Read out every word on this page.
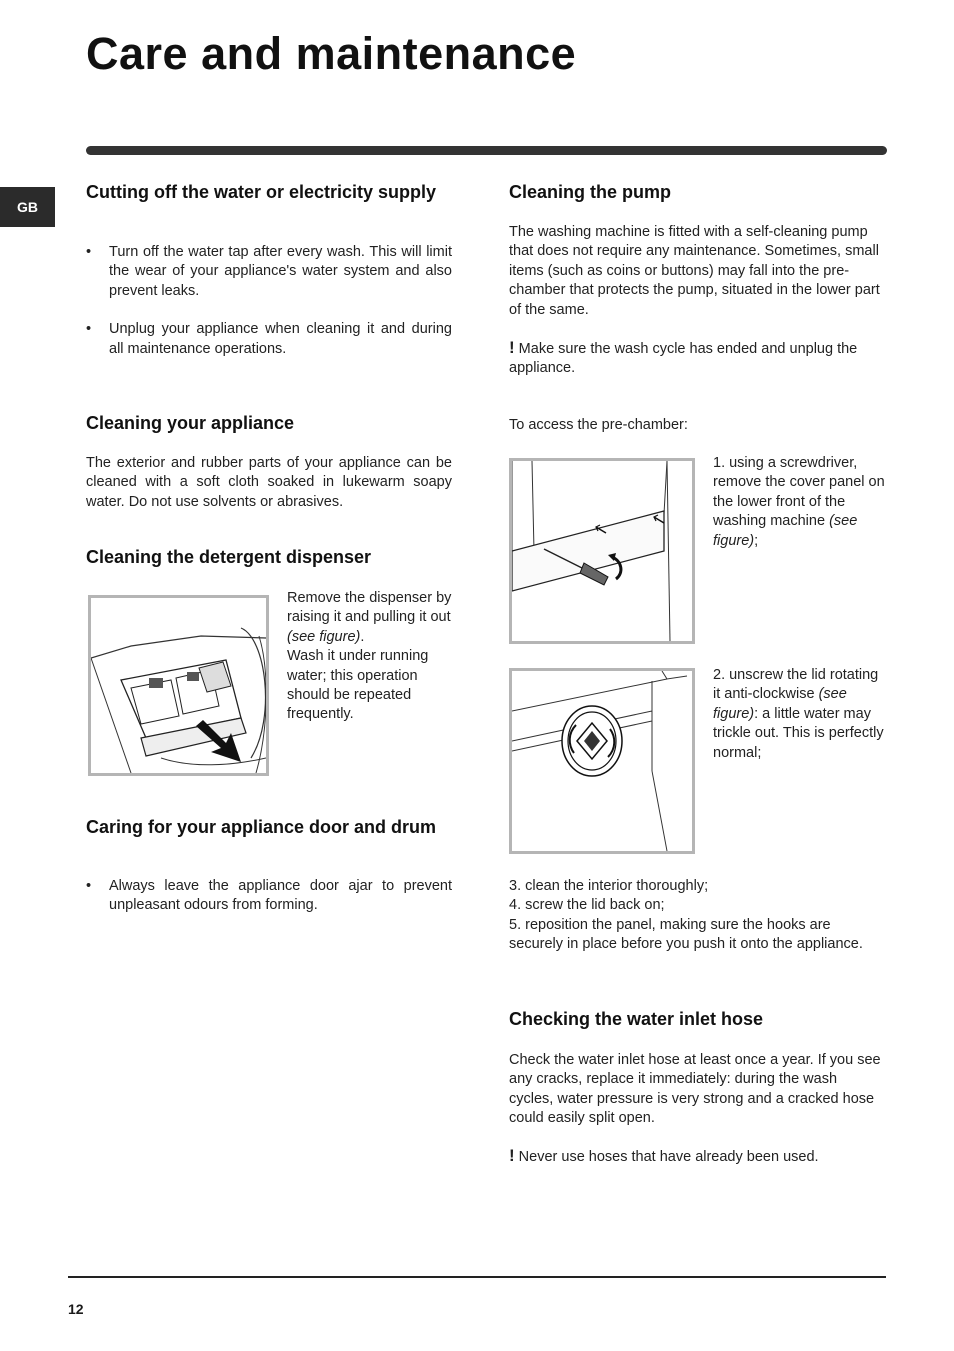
Care and maintenance
GB
Cutting off the water or electricity supply
• Turn off the water tap after every wash. This will limit the wear of your appliance's water system and also prevent leaks.
• Unplug your appliance when cleaning it and during all maintenance operations.
Cleaning your appliance

The exterior and rubber parts of your appliance can be cleaned with a soft cloth soaked in lukewarm soapy water. Do not use solvents or abrasives.

Cleaning the detergent dispenser

Remove the dispenser by raising it and pulling it out (see figure).

Wash it under running water; this operation should be repeated frequently.

Caring for your appliance door and drum
• Always leave the appliance door ajar to prevent unpleasant odours from forming.
Cleaning the pump

The washing machine is fitted with a self-cleaning pump that does not require any maintenance. Sometimes, small items (such as coins or buttons) may fall into the pre-chamber that protects the pump, situated in the lower part of the same.

! Make sure the wash cycle has ended and unplug the appliance.

To access the pre-chamber:

1. using a screwdriver, remove the cover panel on the lower front of the washing machine (see figure);

2. unscrew the lid rotating it anti-clockwise (see figure): a little water may trickle out. This is perfectly normal;

3. clean the interior thoroughly;

4. screw the lid back on;

5. reposition the panel, making sure the hooks are securely in place before you push it onto the appliance.

Checking the water inlet hose

Check the water inlet hose at least once a year. If you see any cracks, replace it immediately: during the wash cycles, water pressure is very strong and a cracked hose could easily split open.

! Never use hoses that have already been used.

12
